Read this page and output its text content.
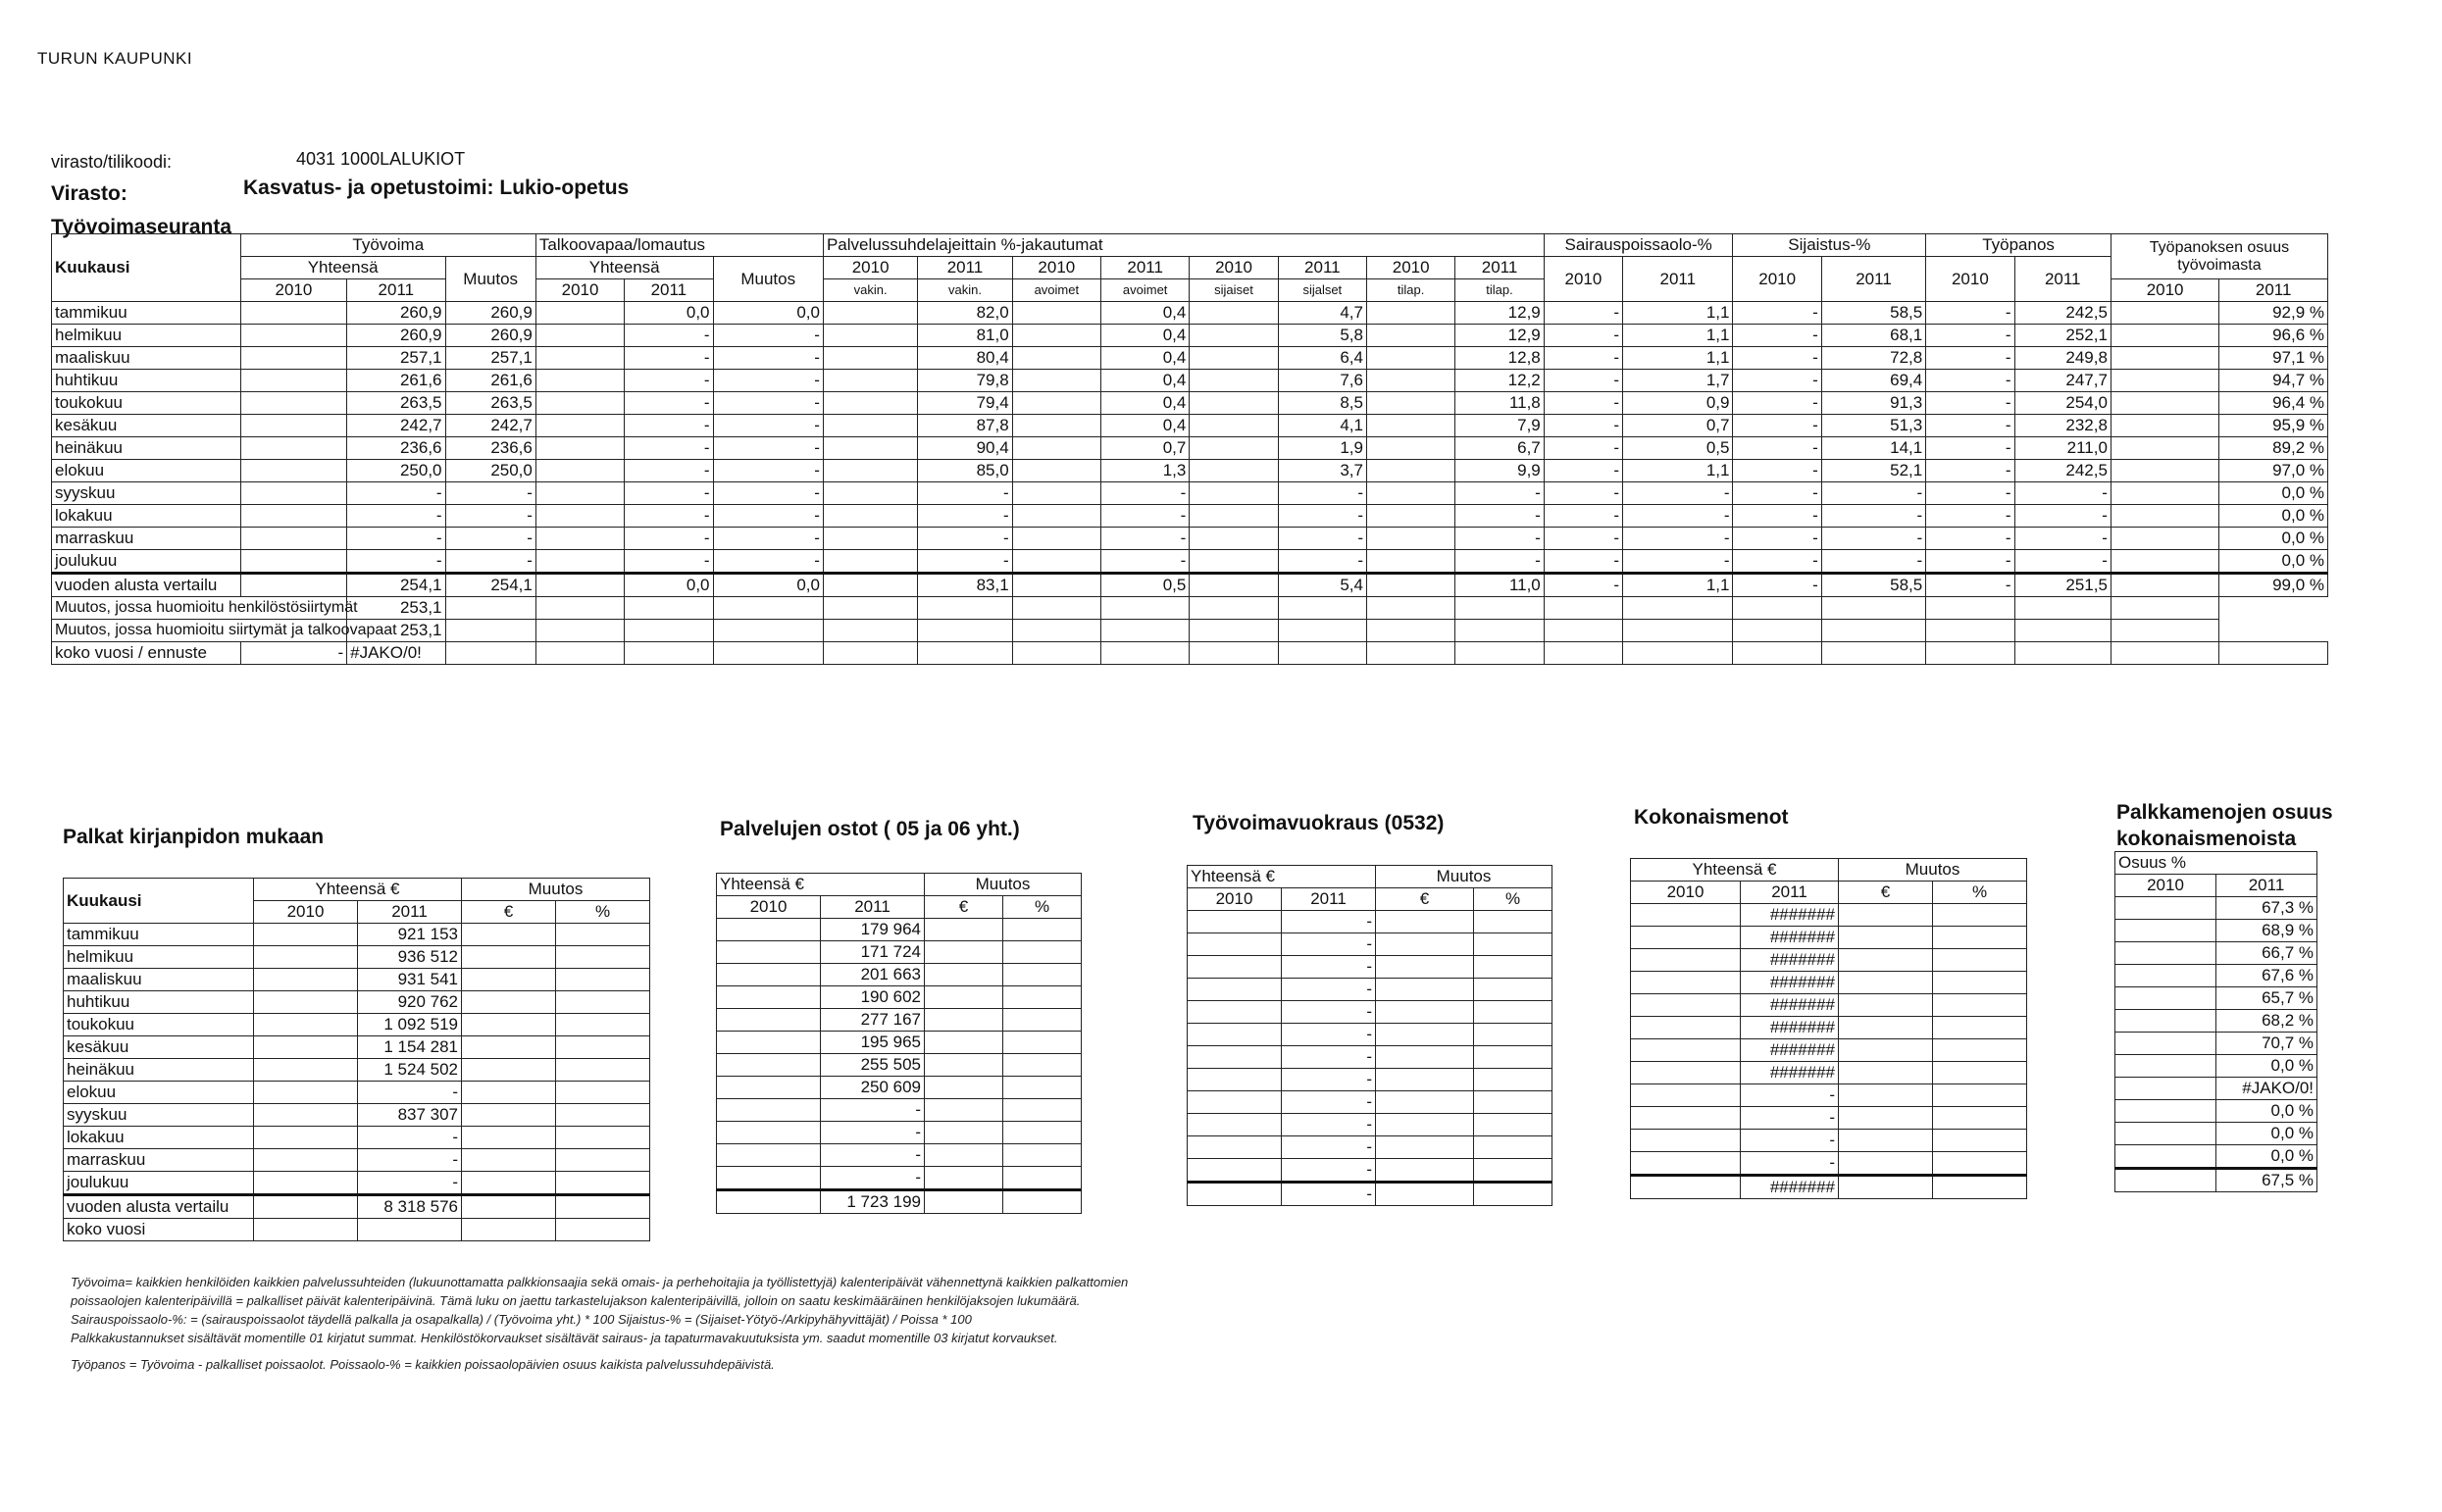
TURUN KAUPUNKI
virasto/tilikoodi:	4031 1000LALUKIOT
Virasto:	Kasvatus- ja opetustoimi: Lukio-opetus
Työvoimaseuranta
Kuukausi	Työvoima			Talkoovapaa/lomautus			Palvelussuhdelajeittain %-jakautumat								Sairauspoissaolo-%		Sijaistus-%		Työpanos		Työpanoksen osuus työvoimasta	
	Yhteensä		Muutos	Yhteensä		Muutos	2010	2011	2010	2011	2010	2011	2010	2011	2010	2011	2010	2011	2010	2011		
	2010	2011		2010	2011		vakin.	vakin.	avoimet	avoimet	sijaiset	sijalset	tilap.	tilap.							2010	2011
tammikuu		260,9	260,9		0,0	0,0		82,0		0,4		4,7		12,9	-	1,1	-	58,5	-	242,5		92,9 %
helmikuu		260,9	260,9		-	-		81,0		0,4		5,8		12,9	-	1,1	-	68,1	-	252,1		96,6 %
maaliskuu		257,1	257,1		-	-		80,4		0,4		6,4		12,8	-	1,1	-	72,8	-	249,8		97,1 %
huhtikuu		261,6	261,6		-	-		79,8		0,4		7,6		12,2	-	1,7	-	69,4	-	247,7		94,7 %
toukokuu		263,5	263,5		-	-		79,4		0,4		8,5		11,8	-	0,9	-	91,3	-	254,0		96,4 %
kesäkuu		242,7	242,7		-	-		87,8		0,4		4,1		7,9	-	0,7	-	51,3	-	232,8		95,9 %
heinäkuu		236,6	236,6		-	-		90,4		0,7		1,9		6,7	-	0,5	-	14,1	-	211,0		89,2 %
elokuu		250,0	250,0		-	-		85,0		1,3		3,7		9,9	-	1,1	-	52,1	-	242,5		97,0 %
syyskuu		-	-		-	-		-		-		-		-	-	-	-	-	-	-		0,0 %
lokakuu		-	-		-	-		-		-		-		-	-	-	-	-	-	-		0,0 %
marraskuu		-	-		-	-		-		-		-		-	-	-	-	-	-	-		0,0 %
joulukuu		-	-		-	-		-		-		-		-	-	-	-	-	-	-		0,0 %
vuoden alusta vertailu		254,1	254,1		0,0	0,0		83,1		0,5		5,4		11,0	-	1,1	-	58,5	-	251,5		99,0 %
Muutos, jossa huomioitu henkilöstösiirtymät		253,1																				
Muutos, jossa huomioitu siirtymät ja talkoovapaat		253,1																				
koko vuosi / ennuste	-	#JAKO/0!																				
Palkat kirjanpidon mukaan
Kuukausi	Yhteensä €		Muutos	
	2010	2011	€	%
tammikuu		921 153		
helmikuu		936 512		
maaliskuu		931 541		
huhtikuu		920 762		
toukokuu		1 092 519		
kesäkuu		1 154 281		
heinäkuu		1 524 502		
elokuu		-		
syyskuu		837 307		
lokakuu		-		
marraskuu		-		
joulukuu		-		
vuoden alusta vertailu		8 318 576		
koko vuosi				
Palvelujen ostot ( 05 ja 06 yht.)
Yhteensä €		Muutos	
2010	2011	€	%
	179 964		
	171 724		
	201 663		
	190 602		
	277 167		
	195 965		
	255 505		
	250 609		
	-		
	-		
	-		
	-		
	1 723 199		
Työvoimavuokraus (0532)
Yhteensä €		Muutos	
2010	2011	€	%
	-		
	-		
	-		
	-		
	-		
	-		
	-		
	-		
	-		
	-		
	-		
	-		
	-		
Kokonaismenot
Yhteensä €		Muutos	
2010	2011	€	%
	#######		
	#######		
	#######		
	#######		
	#######		
	#######		
	#######		
	#######		
	-		
	-		
	-		
	-		
	#######		
Palkkamenojen osuus
kokonaismenoista
Osuus %	
2010	2011
	67,3 %
	68,9 %
	66,7 %
	67,6 %
	65,7 %
	68,2 %
	70,7 %
	0,0 %
	#JAKO/0!
	0,0 %
	0,0 %
	0,0 %
	67,5 %
Työvoima= kaikkien henkilöiden kaikkien palvelussuhteiden (lukuunottamatta palkkionsaajia sekä omais- ja perhehoitajia ja työllistettyjä) kalenteripäivät vähennettynä kaikkien palkattomien
poissaolojen kalenteripäivillä = palkalliset päivät kalenteripäivinä. Tämä luku on jaettu tarkastelujakson kalenteripäivillä, jolloin on saatu keskimääräinen henkilöjaksojen lukumäärä.
Sairauspoissaolo-%: = (sairauspoissaolot täydellä palkalla ja osapalkalla) / (Työvoima yht.) * 100 Sijaistus-% = (Sijaiset-Yötyö-/Arkipyhähyvittäjät) / Poissa * 100
Palkkakustannukset sisältävät momentille 01 kirjatut summat. Henkilöstökorvaukset sisältävät sairaus- ja tapaturmavakuutuksista ym. saadut momentille 03 kirjatut korvaukset.
Työpanos = Työvoima - palkalliset poissaolot. Poissaolo-% = kaikkien poissaolopäivien osuus kaikista palvelussuhdepäivistä.
